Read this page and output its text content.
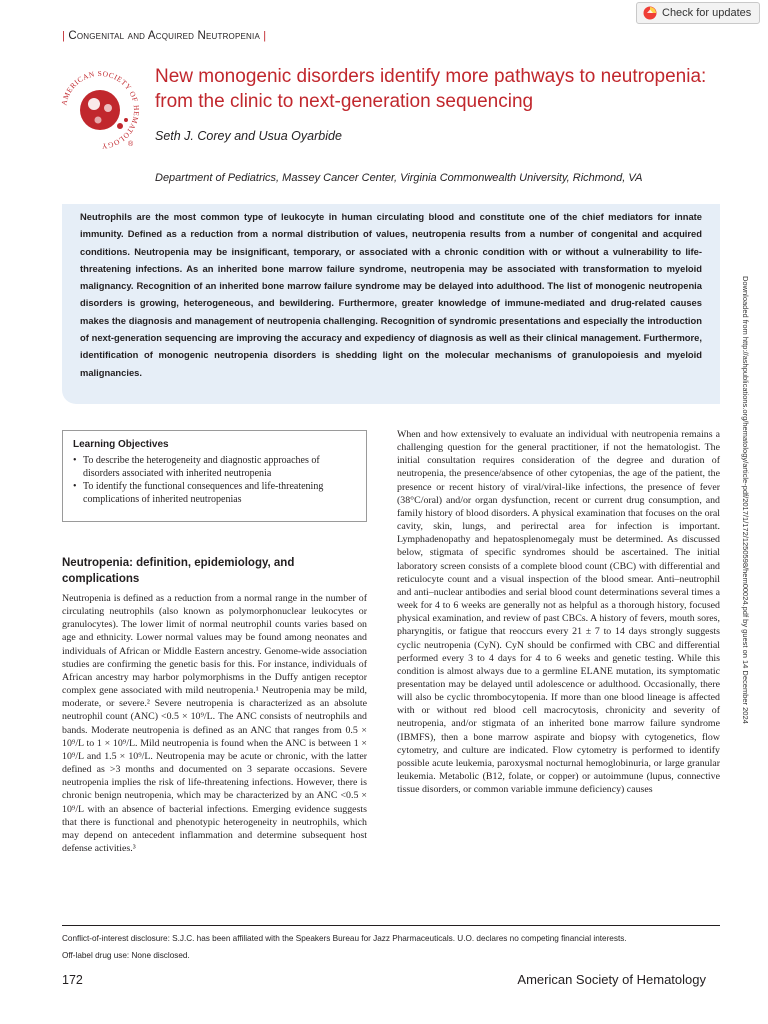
Check for updates
| Congenital and Acquired Neutropenia |
AMERICAN SOCIETY OF HEMATOLOGY	®
New monogenic disorders identify more pathways to neutropenia: from the clinic to next-generation sequencing
Seth J. Corey and Usua Oyarbide
Department of Pediatrics, Massey Cancer Center, Virginia Commonwealth University, Richmond, VA

Neutrophils are the most common type of leukocyte in human circulating blood and constitute one of the chief mediators for innate immunity. Defined as a reduction from a normal distribution of values, neutropenia results from a number of congenital and acquired conditions. Neutropenia may be insignificant, temporary, or associated with a chronic condition with or without a vulnerability to life-threatening infections. As an inherited bone marrow failure syndrome, neutropenia may be associated with transformation to myeloid malignancy. Recognition of an inherited bone marrow failure syndrome may be delayed into adulthood. The list of monogenic neutropenia disorders is growing, heterogeneous, and bewildering. Furthermore, greater knowledge of immune-mediated and drug-related causes makes the diagnosis and management of neutropenia challenging. Recognition of syndromic presentations and especially the introduction of next-generation sequencing are improving the accuracy and expediency of diagnosis as well as their clinical management. Furthermore, identification of monogenic neutropenia disorders is shedding light on the molecular mechanisms of granulopoiesis and myeloid malignancies.	Downloaded from http://ashpublications.org/hematology/article-pdf/2017/1/172/1250598/hem00024.pdf by guest on 14 December 2024
Learning Objectives
• To describe the heterogeneity and diagnostic approaches of disorders associated with inherited neutropenia
• To identify the functional consequences and life-threatening complications of inherited neutropenias
Neutropenia: definition, epidemiology, and complications

Neutropenia is defined as a reduction from a normal range in the number of circulating neutrophils (also known as polymorphonuclear leukocytes or granulocytes). The lower limit of normal neutrophil counts varies based on age and ethnicity. Lower normal values may be found among neonates and individuals of African or Middle Eastern ancestry. Genome-wide association studies are confirming the genetic basis for this. For instance, individuals of African ancestry may harbor polymorphisms in the Duffy antigen receptor complex gene associated with mild neutropenia.¹ Neutropenia may be mild, moderate, or severe.² Severe neutropenia is characterized as an absolute neutrophil count (ANC) <0.5 × 10⁹/L. The ANC consists of neutrophils and bands. Moderate neutropenia is defined as an ANC that ranges from 0.5 × 10⁹/L to 1 × 10⁹/L. Mild neutropenia is found when the ANC is between 1 × 10⁹/L and 1.5 × 10⁹/L. Neutropenia may be acute or chronic, with the latter defined as >3 months and documented on 3 separate occasions. Severe neutropenia implies the risk of life-threatening infections. However, there is chronic benign neutropenia, which may be characterized by an ANC <0.5 × 10⁹/L with an absence of bacterial infections. Emerging evidence suggests that there is functional and phenotypic heterogeneity in neutrophils, which may depend on antecedent inflammation and determine subsequent host defense activities.³

When and how extensively to evaluate an individual with neutropenia remains a challenging question for the general practitioner, if not the hematologist. The initial consultation requires consideration of the degree and duration of neutropenia, the presence/absence of other cytopenias, the age of the patient, the presence or recent history of viral/viral-like infections, the presence of fever (38°C/oral) and/or organ dysfunction, recent or current drug consumption, and family history of blood disorders. A physical examination that focuses on the oral cavity, skin, lungs, and perirectal area for infection is important. Lymphadenopathy and hepatosplenomegaly must be determined. As discussed below, stigmata of specific syndromes should be ascertained. The initial laboratory screen consists of a complete blood count (CBC) with differential and reticulocyte count and a visual inspection of the blood smear. Anti–neutrophil and anti–nuclear antibodies and serial blood count determinations several times a week for 4 to 6 weeks are generally not as helpful as a thorough history, focused physical examination, and review of past CBCs. A history of fevers, mouth sores, pharyngitis, or fatigue that reoccurs every 21 ± 7 to 14 days strongly suggests cyclic neutropenia (CyN). CyN should be confirmed with CBC and differential performed every 3 to 4 days for 4 to 6 weeks and genetic testing. While this condition is almost always due to a germline ELANE mutation, its symptomatic presentation may be delayed until adolescence or adulthood. Occasionally, there will also be cyclic thrombocytopenia. If more than one blood lineage is affected with or without red blood cell macrocytosis, chronicity and severity of neutropenia, and/or stigmata of an inherited bone marrow failure syndrome (IBMFS), then a bone marrow aspirate and biopsy with cytogenetics, flow cytometry, and culture are indicated. Flow cytometry is performed to identify possible acute leukemia, paroxysmal nocturnal hemoglobinuria, or large granular leukemia. Metabolic (B12, folate, or copper) or autoimmune (lupus, connective tissue disorders, or common variable immune deficiency) causes

Conflict-of-interest disclosure: S.J.C. has been affiliated with the Speakers Bureau for Jazz Pharmaceuticals. U.O. declares no competing financial interests.
Off-label drug use: None disclosed.
172	American Society of Hematology
